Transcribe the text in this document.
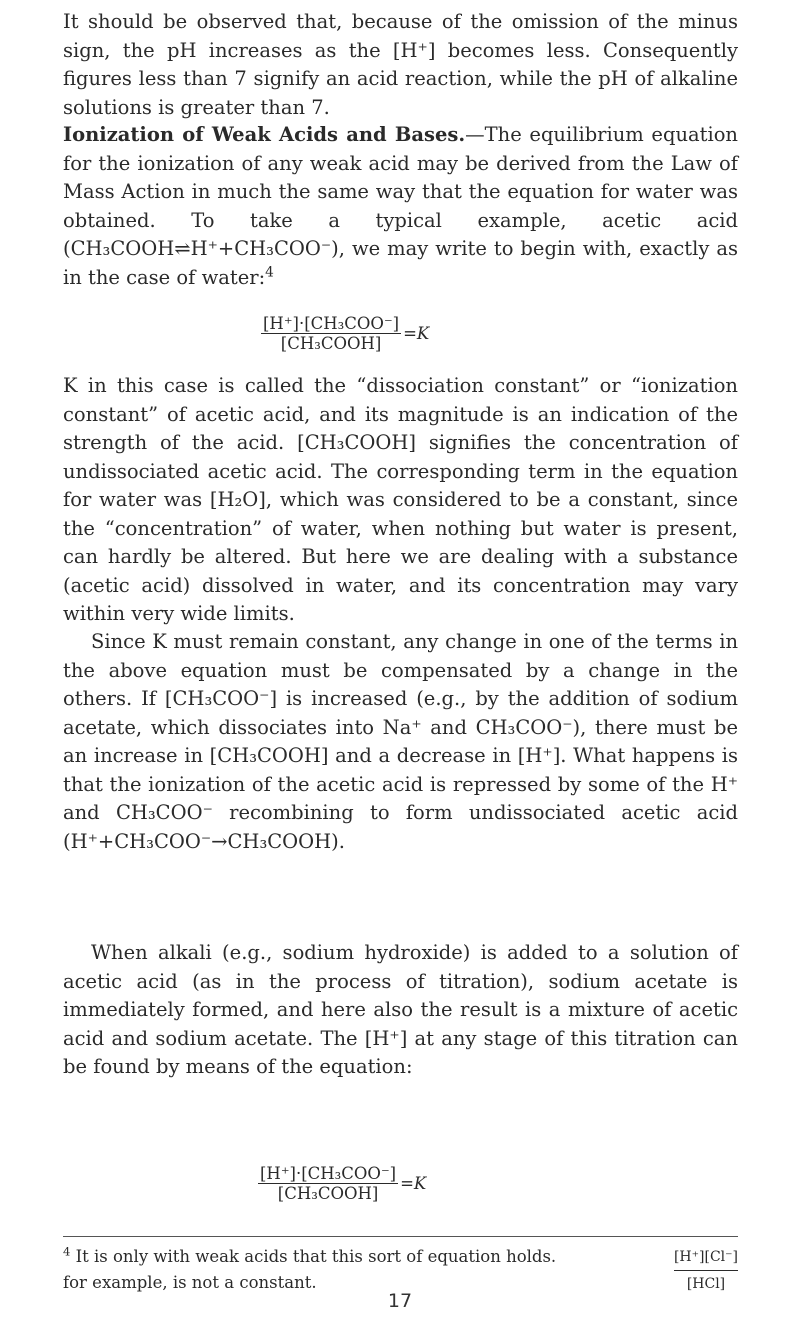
It should be observed that, because of the omission of the minus sign, the pH increases as the [H⁺] becomes less. Consequently figures less than 7 signify an acid reaction, while the pH of alkaline solutions is greater than 7.

Ionization of Weak Acids and Bases.—The equilibrium equation for the ionization of any weak acid may be derived from the Law of Mass Action in much the same way that the equation for water was obtained. To take a typical example, acetic acid (CH₃COOH⇌H⁺+CH₃COO⁻), we may write to begin with, exactly as in the case of water:$^4$

$\frac{\text{[H⁺]·[CH₃COO⁻]}}{\text{[CH₃COOH]}} =K$

K in this case is called the “dissociation constant” or “ionization constant” of acetic acid, and its magnitude is an indication of the strength of the acid. [CH₃COOH] signifies the concentration of undissociated acetic acid. The corresponding term in the equation for water was [H₂O], which was considered to be a constant, since the “concentration” of water, when nothing but water is present, can hardly be altered. But here we are dealing with a substance (acetic acid) dissolved in water, and its concentration may vary within very wide limits.

Since K must remain constant, any change in one of the terms in the above equation must be compensated by a change in the others. If [CH₃COO⁻] is increased (e.g., by the addition of sodium acetate, which dissociates into Na⁺ and CH₃COO⁻), there must be an increase in [CH₃COOH] and a decrease in [H⁺]. What happens is that the ionization of the acetic acid is repressed by some of the H⁺ and CH₃COO⁻ recombining to form undissociated acetic acid (H⁺+CH₃COO⁻→CH₃COOH).

When alkali (e.g., sodium hydroxide) is added to a solution of acetic acid (as in the process of titration), sodium acetate is immediately formed, and here also the result is a mixture of acetic acid and sodium acetate. The [H⁺] at any stage of this titration can be found by means of the equation:

$\frac{\text{[H⁺]·[CH₃COO⁻]}}{\text{[CH₃COOH]}} =K$
$^4$ It is only with weak acids that this sort of equation holds.
for example, is not a constant.
[H⁺][Cl⁻]
[HCl]
17
